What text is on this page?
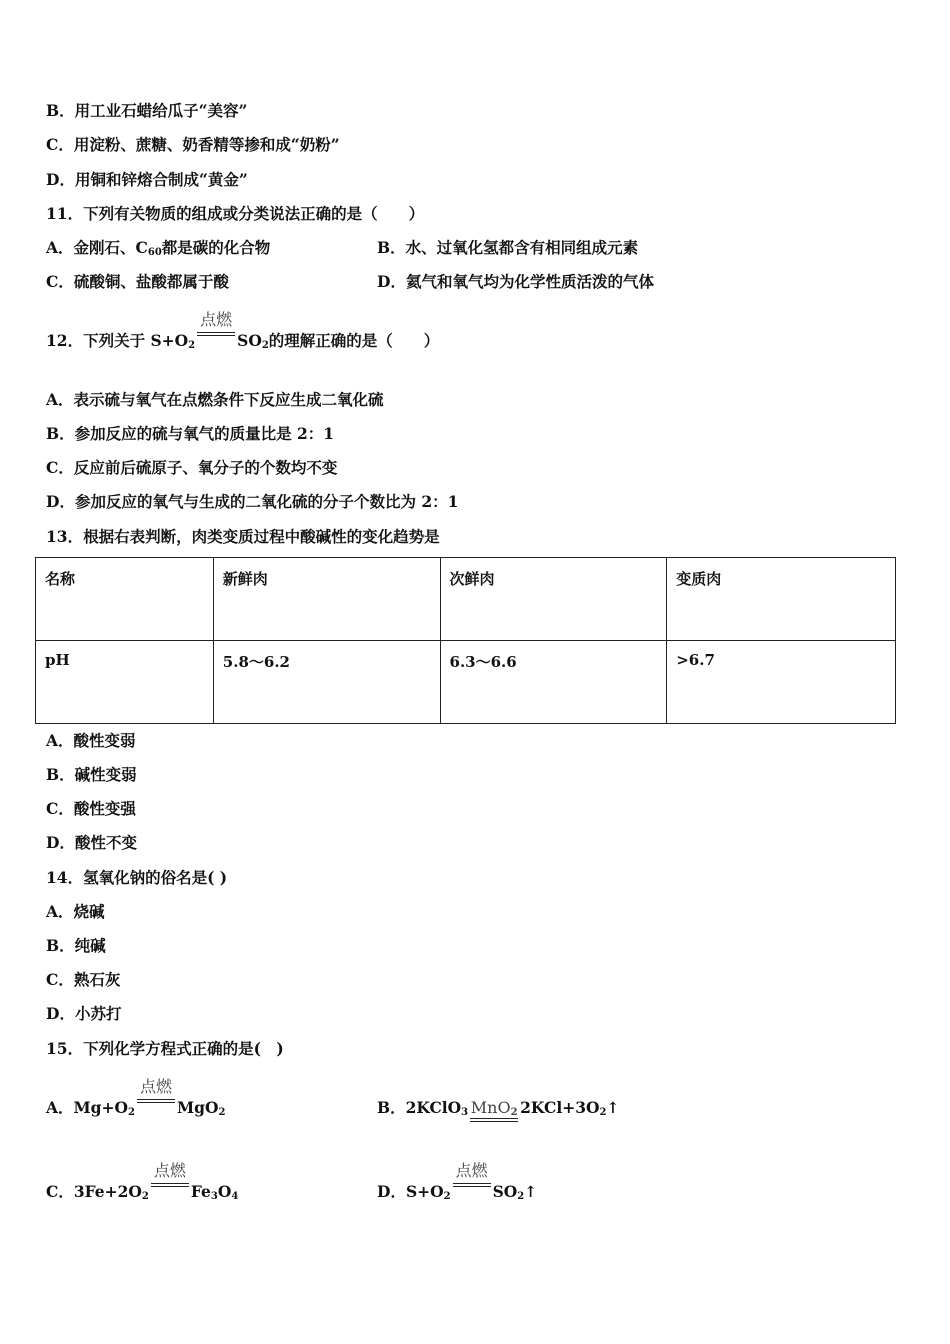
B．用工业石蜡给瓜子“美容”
C．用淀粉、蔗糖、奶香精等掺和成“奶粉”
D．用铜和锌熔合制成“黄金”
11．下列有关物质的组成或分类说法正确的是（　　）
A．金刚石、$C_{60}$都是碳的化合物	B．水、过氧化氢都含有相同组成元素
C．硫酸铜、盐酸都属于酸	D．氦气和氧气均为化学性质活泼的气体
12．下列关于 $S+O_2$
点燃
$SO_2$的理解正确的是（　　）
A．表示硫与氧气在点燃条件下反应生成二氧化硫
B．参加反应的硫与氧气的质量比是 2：1
C．反应前后硫原子、氧分子的个数均不变
D．参加反应的氧气与生成的二氧化硫的分子个数比为 2：1
13．根据右表判断，肉类变质过程中酸碱性的变化趋势是
名称	新鲜肉	次鲜肉	变质肉
pH	5.8～6.2	6.3～6.6	>6.7
A．酸性变弱
B．碱性变弱
C．酸性变强
D．酸性不变
14．氢氧化钠的俗名是( )
A．烧碱
B．纯碱
C．熟石灰
D．小苏打
15．下列化学方程式正确的是(　)
A．$Mg+O_2$
点燃
MgO$_2$	B．2KClO$_3$ MnO$_2$ $2KCl+3O_2↑$
C．$3Fe+2O_2$
点燃
$Fe_3O_4$	D．$S+O_2$
点燃
$SO_2↑$
